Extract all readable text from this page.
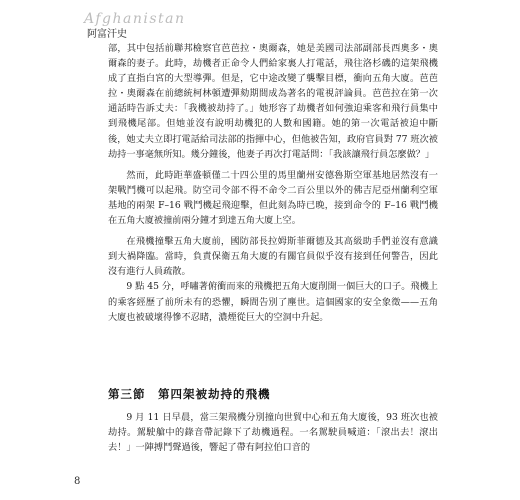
Afghanistan
阿富汗史

部，其中包括前聯邦檢察官芭芭拉・奧爾森，她是美國司法部副部長西奧多・奧爾森的妻子。此時，劫機者正命令人們給家裏人打電話，飛往洛杉磯的這架飛機成了直指白宮的大型導彈。但是，它中途改變了襲擊目標，衝向五角大廈。芭芭拉・奧爾森在前總統柯林頓遭彈劾期間成為著名的電視評論員。芭芭拉在第一次通話時告訴丈夫：「我機被劫持了。」她形容了劫機者如何強迫乘客和飛行員集中到飛機尾部。但她並沒有說明劫機犯的人數和國籍。她的第一次電話被迫中斷後，她丈夫立即打電話給司法部的指揮中心，但他被告知，政府官員對 77 班次被劫持一事毫無所知。幾分鐘後，他妻子再次打電話問：「我該讓飛行員怎麼做？」

然而，此時距華盛頓僅二十四公里的馬里蘭州安德魯斯空軍基地居然沒有一架戰鬥機可以起飛。防空司令部不得不命令二百公里以外的佛吉尼亞州蘭利空軍基地的兩架 F–16 戰鬥機起飛迎擊，但此刻為時已晚，接到命令的 F–16 戰鬥機在五角大廈被撞前兩分鐘才到達五角大廈上空。

在飛機撞擊五角大廈前，國防部長拉姆斯菲爾德及其高級助手們並沒有意識到大禍降臨。當時，負責保衛五角大廈的有關官員似乎沒有接到任何警告，因此沒有進行人員疏散。

9 點 45 分，呼嘯著俯衝而來的飛機把五角大廈削開一個巨大的口子。飛機上的乘客經歷了前所未有的恐懼，瞬間告別了塵世。這個國家的安全象徵——五角大廈也被破壞得慘不忍睹，濃煙從巨大的空洞中升起。

第三節　第四架被劫持的飛機

9 月 11 日早晨，當三架飛機分別撞向世貿中心和五角大廈後，93 班次也被劫持。駕駛艙中的錄音帶記錄下了劫機過程。一名駕駛員喊道：「滾出去！滾出去！」一陣搏鬥聲過後，響起了帶有阿拉伯口音的

8
